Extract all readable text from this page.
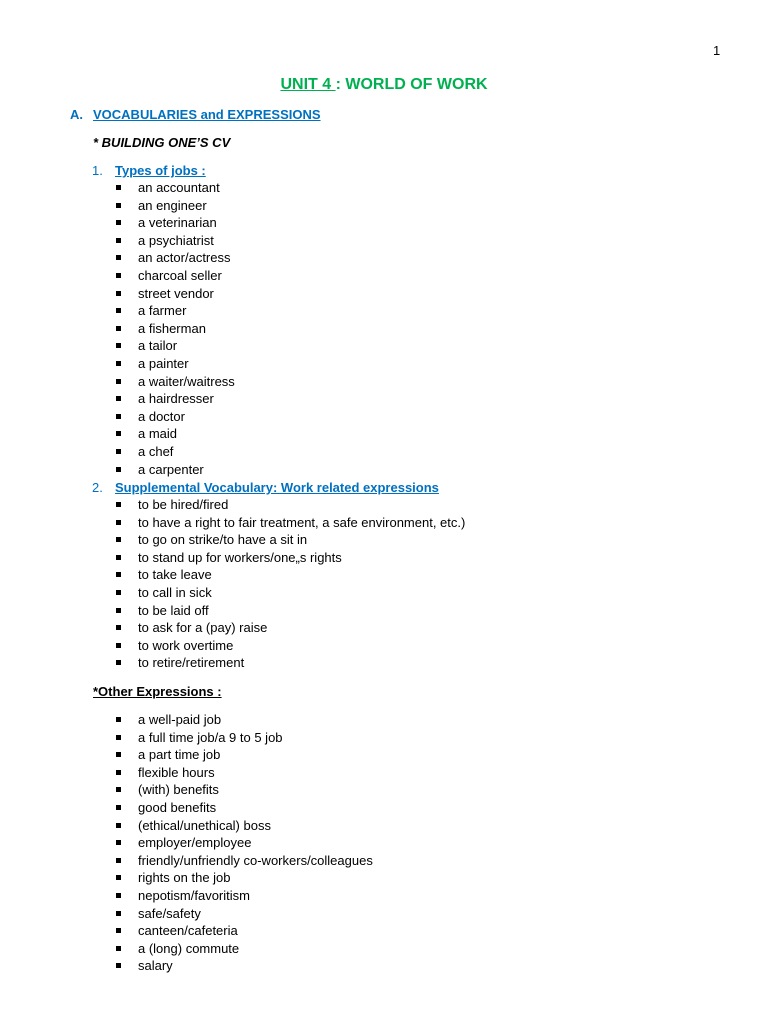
1
UNIT 4 : WORLD OF WORK
A. VOCABULARIES and EXPRESSIONS
* BUILDING ONE’S CV
1. Types of jobs :
an accountant
an engineer
a veterinarian
a psychiatrist
an actor/actress
charcoal seller
street vendor
a farmer
a fisherman
a tailor
a painter
a waiter/waitress
a hairdresser
a doctor
a maid
a chef
a carpenter
2. Supplemental Vocabulary: Work related expressions
to be hired/fired
to have a right to fair treatment, a safe environment, etc.)
to go on strike/to have a sit in
to stand up for workers/one„s rights
to take leave
to call in sick
to be laid off
to ask for a (pay) raise
to work overtime
to retire/retirement
*Other Expressions :
a well-paid job
a full time job/a 9 to 5 job
a part time job
flexible hours
(with) benefits
good benefits
(ethical/unethical) boss
employer/employee
friendly/unfriendly co-workers/colleagues
rights on the job
nepotism/favoritism
safe/safety
canteen/cafeteria
a (long) commute
salary
